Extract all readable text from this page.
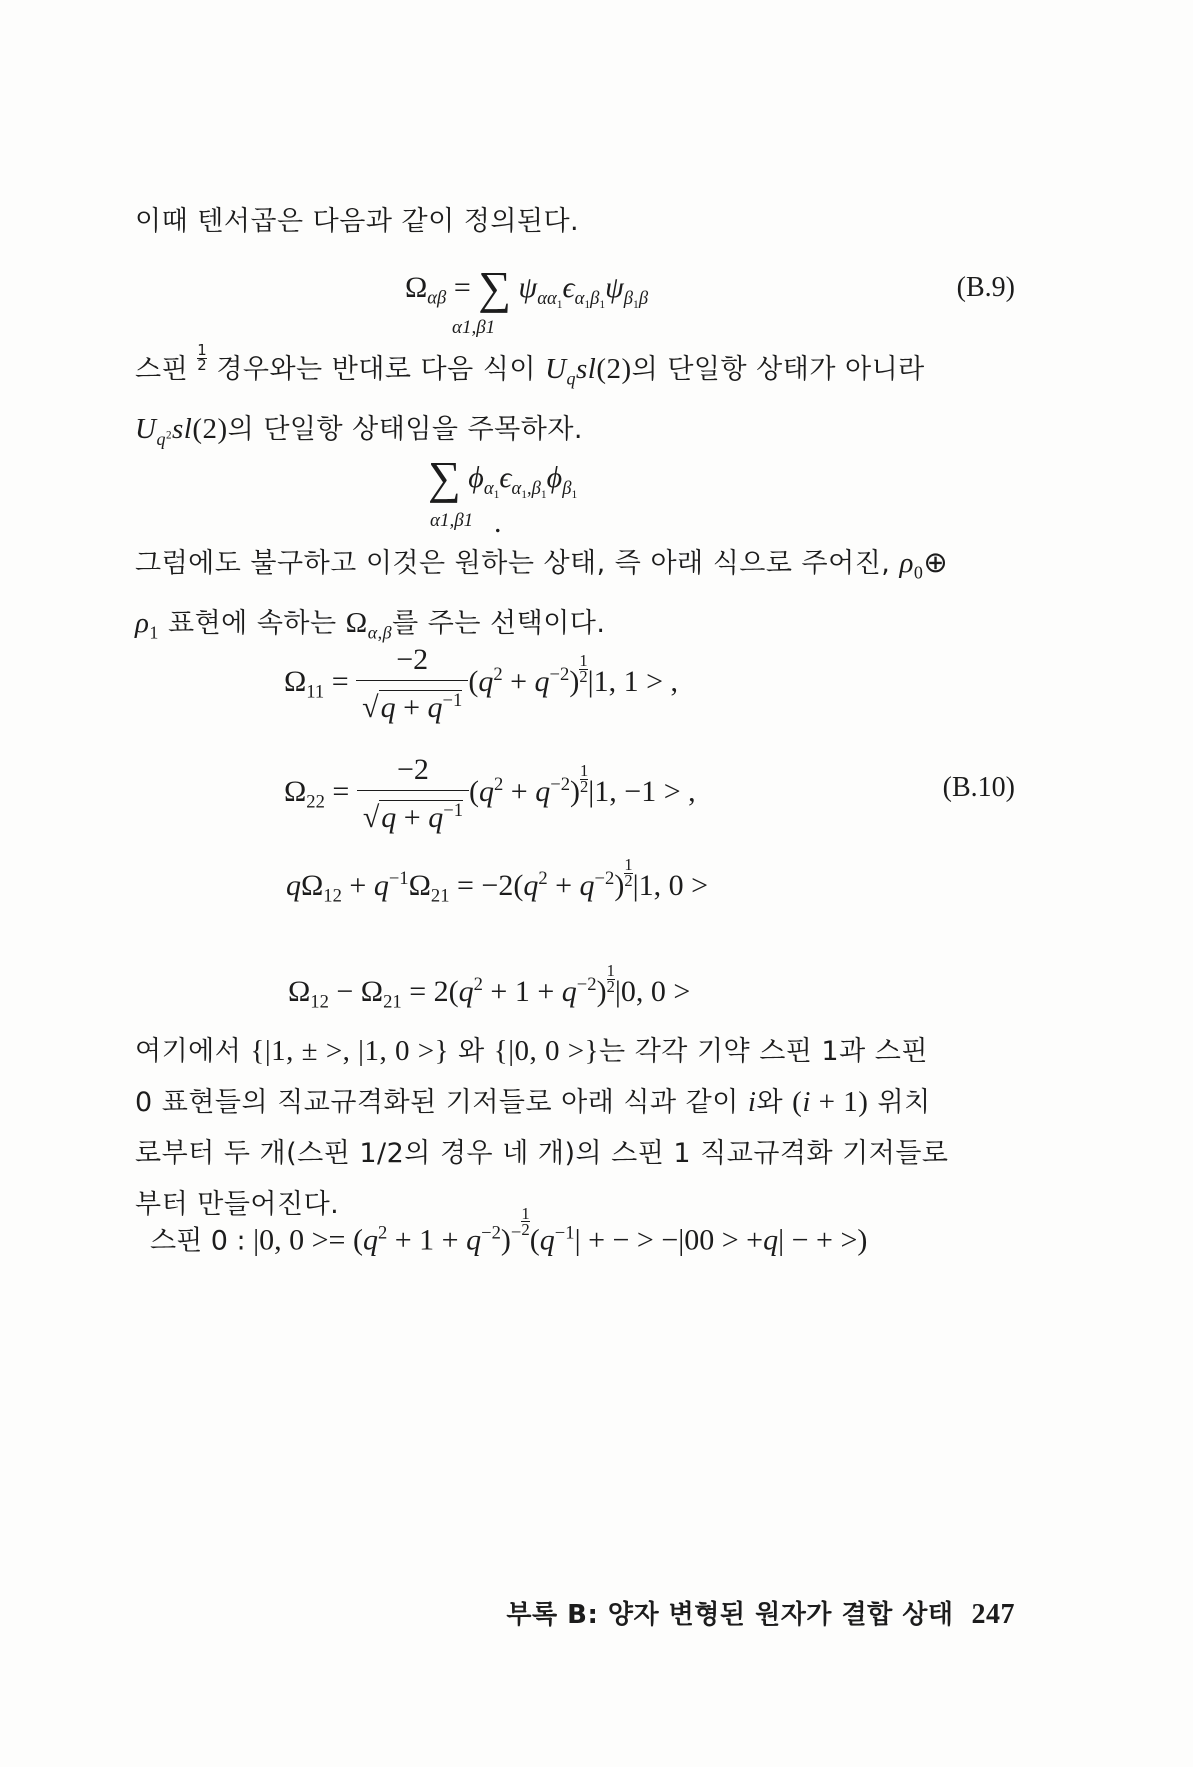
이때 텐서곱은 다음과 같이 정의된다.
$\Omega_{\alpha\beta}$ = ∑ $\psi_{\alpha\alpha_1}\epsilon_{\alpha_1\beta_1}\psi_{\beta_1\beta}$
α1,β1
(B.9)
스핀 $\frac{1}{2}$ 경우와는 반대로 다음 식이 $U_qsl(2)$의 단일항 상태가 아니라
$U_{q^2}sl(2)$의 단일항 상태임을 주목하자.
∑ $\phi_{\alpha_1}\epsilon_{\alpha_1,\beta_1}\phi_{\beta_1}$
α1,β1 .
그럼에도 불구하고 이것은 원하는 상태, 즉 아래 식으로 주어진, $\rho_0\oplus$
$\rho_1$ 표현에 속하는 $\Omega_{\alpha,\beta}$를 주는 선택이다.
$\Omega_{11} = \frac{-2}{√q + q^{-1}} (q^2 + q^{-2}) \frac{1}{2} |1$, 1 > ,
$\Omega_{22} = \frac{-2}{√q + q^{-1}} (q^2 + q^{-2}) \frac{1}{2} |1$, −1 > ,	(B.10)
$q\Omega_{12} + q^{-1}\Omega_{21} = -2(q^2 + q^{-2}) \frac{1}{2} |1$, 0 >
$\Omega_{12} - \Omega_{21} = 2(q^2 + 1 + q^{-2}) \frac{1}{2} |0$, 0 >
여기에서 {|1, ± >, |1, 0 >} 와 {|0, 0 >}는 각각 기약 스핀 1과 스핀
0 표현들의 직교규격화된 기저들로 아래 식과 같이 i와 (i + 1) 위치
로부터 두 개(스핀 1/2의 경우 네 개)의 스핀 1 직교규격화 기저들로
부터 만들어진다.
스핀 0 : |0, $0 >= (q^2 + 1 + q^{-2})^{- \frac{1}{2}}$
($q^{-1}|$ + − > −|00 > +q| − + >)
부록 B: 양자 변형된 원자가 결합 상태 247
